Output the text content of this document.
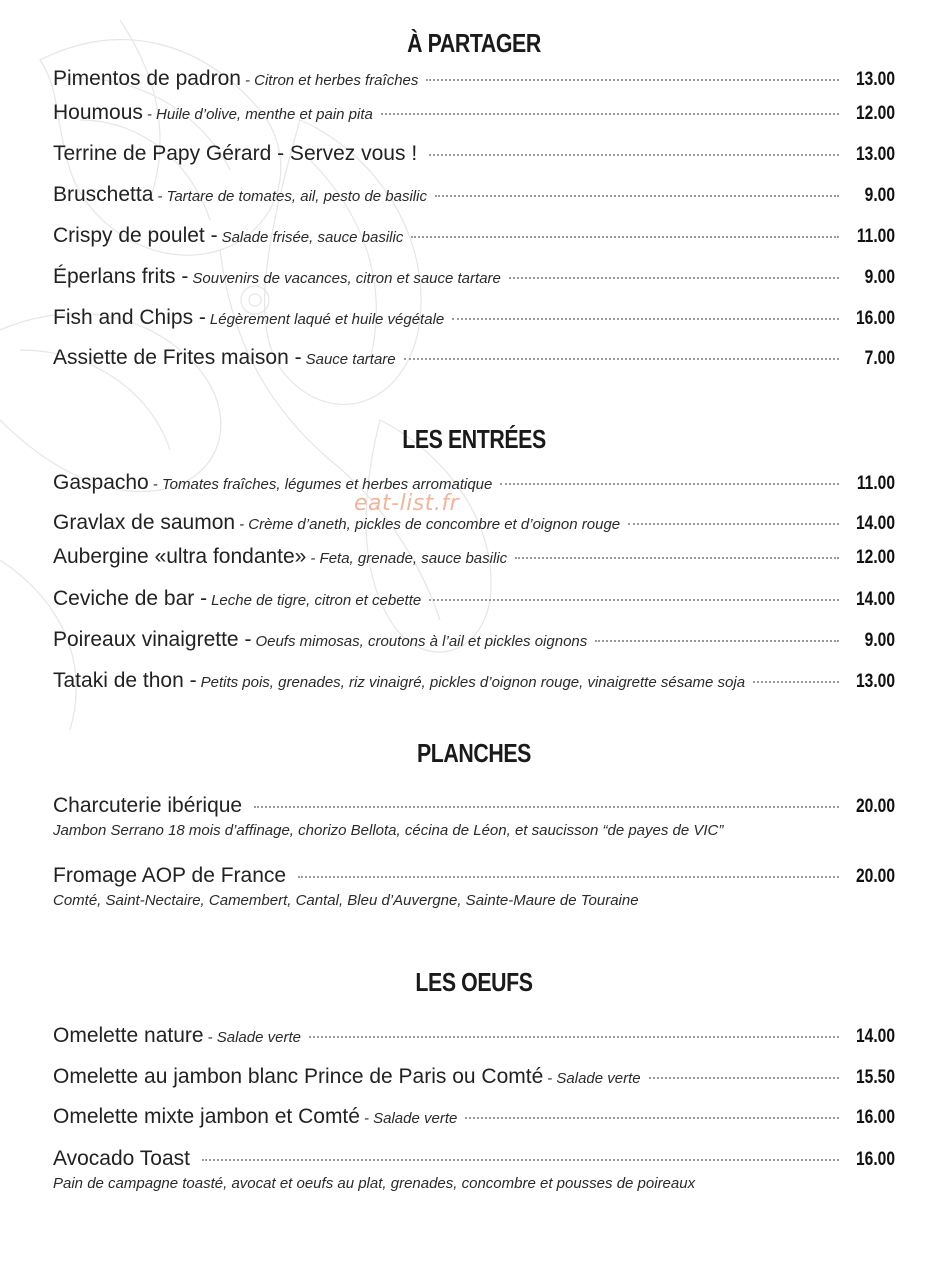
eat-list.fr
À PARTAGER
Pimentos de padron - Citron et herbes fraîches	13.00
Houmous - Huile d’olive, menthe et pain pita	12.00
Terrine de Papy Gérard - Servez vous !	13.00
Bruschetta - Tartare de tomates, ail, pesto de basilic	9.00
Crispy de poulet - Salade frisée, sauce basilic	11.00
Éperlans frits - Souvenirs de vacances, citron et sauce tartare	9.00
Fish and Chips - Légèrement laqué et huile végétale	16.00
Assiette de Frites maison - Sauce tartare	7.00
LES ENTRÉES
Gaspacho - Tomates fraîches, légumes et herbes arromatique	11.00
Gravlax de saumon - Crème d’aneth, pickles de concombre et d’oignon rouge	14.00
Aubergine «ultra fondante» - Feta, grenade, sauce basilic	12.00
Ceviche de bar - Leche de tigre, citron et cebette	14.00
Poireaux vinaigrette - Oeufs mimosas, croutons à l’ail et pickles oignons	9.00
Tataki de thon - Petits pois, grenades, riz vinaigré, pickles d’oignon rouge, vinaigrette sésame soja	13.00
PLANCHES
Charcuterie ibérique	20.00
Jambon Serrano 18 mois d’affinage, chorizo Bellota, cécina de Léon, et saucisson “de payes de VIC”
Fromage AOP de France	20.00
Comté, Saint-Nectaire, Camembert, Cantal, Bleu d’Auvergne, Sainte-Maure de Touraine
LES OEUFS
Omelette nature - Salade verte	14.00
Omelette au jambon blanc Prince de Paris ou Comté - Salade verte	15.50
Omelette mixte jambon et Comté - Salade verte	16.00
Avocado Toast	16.00
Pain de campagne toasté, avocat et oeufs au plat, grenades, concombre et pousses de poireaux
